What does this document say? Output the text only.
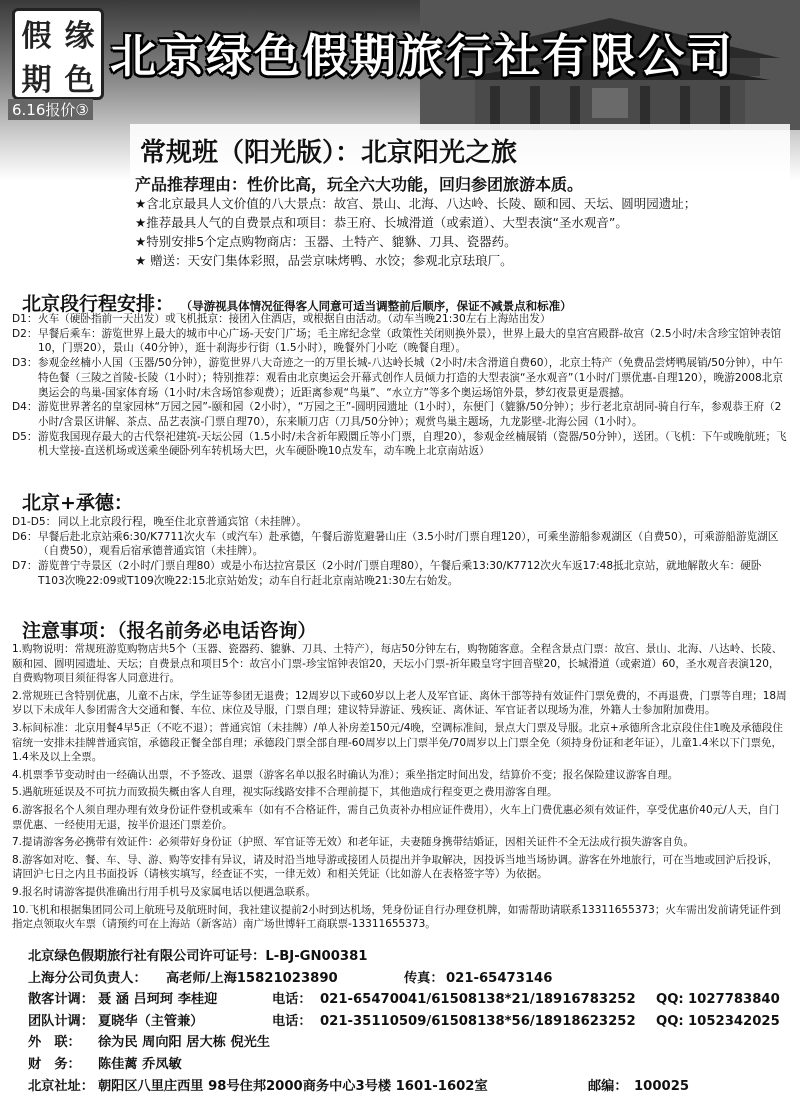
假 缘
期 色 北京绿色假期旅行社有限公司
6.16报价③
常规班（阳光版）：北京阳光之旅
产品推荐理由：性价比高，玩全六大功能，回归参团旅游本质。
★含北京最具人文价值的八大景点：故宫、景山、北海、八达岭、长陵、颐和园、天坛、圆明园遗址；
★推荐最具人气的自费景点和项目：恭王府、长城滑道（或索道）、大型表演“圣水观音”。
★特别安排5个定点购物商店：玉器、土特产、貔貅、刀具、瓷器药。
★ 赠送：天安门集体彩照，品尝京味烤鸭、水饺；参观北京珐琅厂。
北京段行程安排： （导游视具体情况征得客人同意可适当调整前后顺序，保证不减景点和标准）
D1： 火车（硬卧指前一天出发）或飞机抵京：接团入住酒店，或根据自由活动。（动车当晚21:30左右上海站出发）
D2： 早餐后乘车：游览世界上最大的城市中心广场-天安门广场；毛主席纪念堂（政策性关闭则换外景），世界上最大的皇宫宫殿群-故宫（2.5小时/未含珍宝馆钟表馆10，门票20），景山（40分钟），逛十刹海步行街（1.5小时），晚餐外门小吃（晚餐自理）。
D3： 参观金丝楠小人国（玉器/50分钟），游览世界八大奇迹之一的万里长城-八达岭长城（2小时/未含滑道自费60），北京土特产（免费品尝烤鸭展销/50分钟），中午特色餐（三陵之首陵-长陵（1小时）；特别推荐：观看由北京奥运会开幕式创作人员倾力打造的大型表演“圣水观音”（1小时/门票优惠-自理120），晚游2008北京奥运会的鸟巢-国家体育场（1小时/未含场馆参观费）；近距离参观“鸟巢”、“水立方”等多个奥运场馆外景，梦幻夜景更是震撼。
D4： 游览世界著名的皇家园林“万园之园”-颐和园（2小时），“万园之王”-圆明园遗址（1小时），东便门（貔貅/50分钟）；步行老北京胡同-骑自行车，参观恭王府（2小时/含景区讲解、茶点、品艺表演-门票自理70），东来顺刀店（刀具/50分钟）；观赏鸟巢主题场，九龙影壁-北海公园（1小时）。
D5： 游览我国现存最大的古代祭祀建筑-天坛公园（1.5小时/未含祈年殿圜丘等小门票，自理20），参观金丝楠展销（瓷器/50分钟），送团。（飞机：下午或晚航班；飞机大堂接-直送机场或送乘坐硬卧列车转机场大巴，火车硬卧晚10点发车，动车晚上北京南站返）
北京+承德：
D1-D5： 同以上北京段行程，晚至住北京普通宾馆（未挂牌）。
D6： 早餐后赴北京站乘6:30/K7711次火车（或汽车）赴承德，午餐后游览避暑山庄（3.5小时/门票自理120），可乘坐游船参观湖区（自费50），可乘游船游览湖区（自费50），观看后宿承德普通宾馆（未挂牌）。
D7： 游览普宁寺景区（2小时/门票自理80）或是小布达拉宫景区（2小时/门票自理80），午餐后乘13:30/K7712次火车返17:48抵北京站，就地解散火车：硬卧T103次晚22:09或T109次晚22:15北京站始发；动车自行赶北京南站晚21:30左右始发。
注意事项：（报名前务必电话咨询）

1.购物说明：常规班游览购物店共5个（玉器、瓷器药、貔貅、刀具、土特产），每店50分钟左右，购物随客意。全程含景点门票：故宫、景山、北海、八达岭、长陵、颐和园、圆明园遗址、天坛；自费景点和项目5个：故宫小门票-珍宝馆钟表馆20，天坛小门票-祈年殿皇穹宇回音壁20，长城滑道（或索道）60，圣水观音表演120，自费购物项目须征得客人同意进行。

2.常规班已含特别优惠，儿童不占床，学生证等参团无退费；12周岁以下或60岁以上老人及军官证、离休干部等持有效证件门票免费的，不再退费，门票等自理；18周岁以下未成年人参团需含大交通和餐、车位、床位及导服，门票自理；建议特异游证、残疾证、离休证、军官证者以现场为准，外籍人士参加附加费用。

3.标间标准：北京用餐4早5正（不吃不退）；普通宾馆（未挂牌）/单人补房差150元/4晚，空调标准间，景点大门票及导服。北京+承德所含北京段住住1晚及承德段住宿统一安排未挂牌普通宾馆，承德段正餐全部自理；承德段门票全部自理-60周岁以上门票半免/70周岁以上门票全免（须持身份证和老年证），儿童1.4米以下门票免，1.4米及以上全票。

4.机票季节变动时由一经确认出票，不予签改、退票（游客名单以报名时确认为准）；乘坐指定时间出发，结算价不变；报名保险建议游客自理。

5.遇航班延误及不可抗力而致损失概由客人自理，视实际线路安排不合理前提下，其他造成行程变更之费用游客自理。

6.游客报名个人须自理办理有效身份证件登机或乘车（如有不合格证件，需自己负责补办相应证件费用），火车上门费优惠必须有效证件，享受优惠价40元/人天，自门票优惠、一经使用无退，按半价退还门票差价。

7.提请游客务必携带有效证件：必须带好身份证（护照、军官证等无效）和老年证，夫妻随身携带结婚证，因相关证件不全无法成行损失游客自负。

8.游客如对吃、餐、车、导、游、购等安排有异议，请及时沿当地导游或接团人员提出并争取解决，因投诉当地当场协调。游客在外地旅行，可在当地或回沪后投诉，请回沪七日之内且书面投诉（请核实填写，经查证不实，一律无效）和相关凭证（比如游人在表格签字等）为依据。

9.报名时请游客提供准确出行用手机号及家属电话以便遇急联系。

10.飞机和根据集团同公司上航班号及航班时间，我社建议提前2小时到达机场，凭身份证自行办理登机牌，如需帮助请联系13311655373；火车需出发前请凭证件到指定点领取火车票（请预约可在上海站（新客站）南广场世博轩工商联票-13311655373。

北京绿色假期旅行社有限公司许可证号：L-BJ-GN00381
上海分公司负责人： 高老师/上海15821023890	传真： 021-65473146
散客计调： 聂 涵 吕珂珂 李桂迎	电话： 021-65470041/61508138*21/18916783252 QQ: 1027783840
团队计调： 夏晓华（主管兼）	电话： 021-35110509/61508138*56/18918623252 QQ: 1052342025
外　联： 徐为民 周向阳 居大栋 倪光生
财　务： 陈佳蓠 乔凤敏
北京社址： 朝阳区八里庄西里 98号住邦2000商务中心3号楼 1601-1602室	邮编： 100025
